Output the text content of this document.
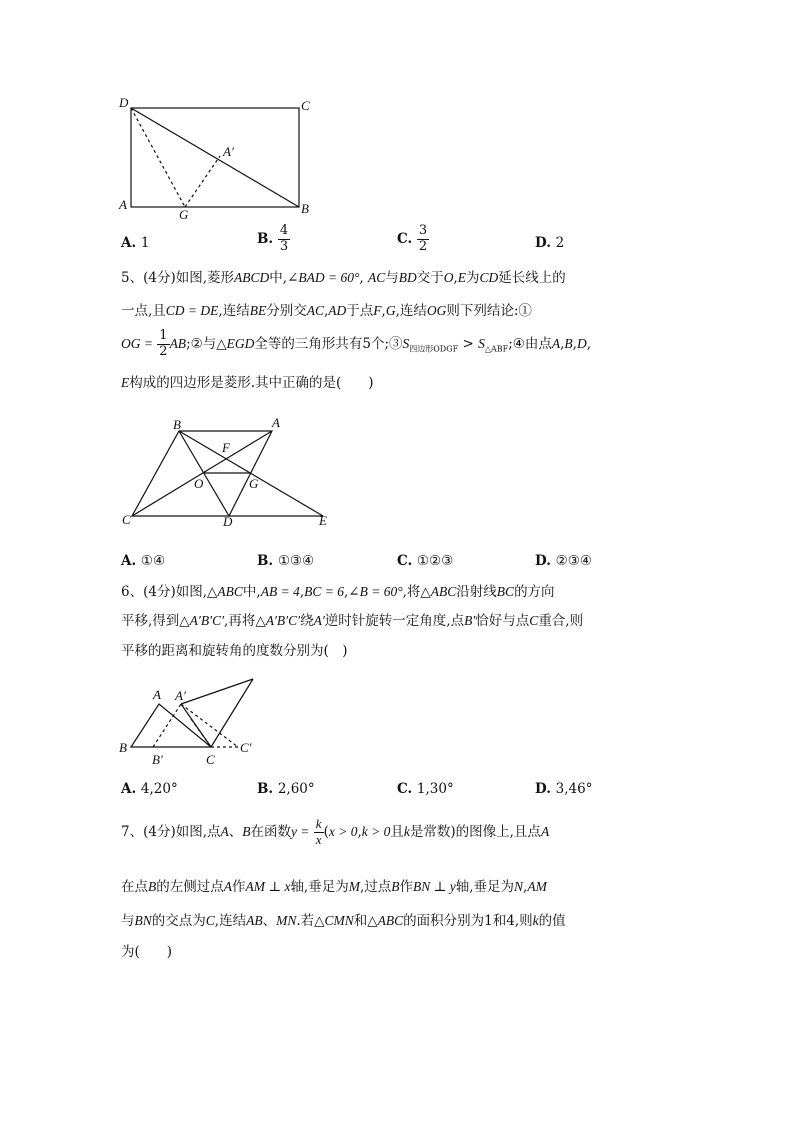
D	C
A
G	B
A′
A. 1	B. $\frac{4}{3}$	C. $\frac{3}{2}$	D. 2
5、(4分)如图,菱形ABCD中,∠BAD = 60°, AC与BD交于O,E为CD延长线上的
一点,且CD = DE,连结BE分别交AC,AD于点F,G,连结OG则下列结论:①
OG = $\frac{1}{2}$ AB;②与△EGD全等的三角形共有5个$;③S_{四边形ODGF}$ > $S_{\triangle ABF};④$由点A,B,D,
E构成的四边形是菱形.其中正确的是(　　)
B	A
F
O	G
C	D	E
A. ①④	B. ①③④	C. ①②③	D. ②③④
6、(4分)如图,△ABC中,AB = 4,BC = 6,∠B = 60°,将△ABC沿射线BC的方向
平移,得到△A′B′C′,再将△A′B′C′绕A′逆时针旋转一定角度,点B′恰好与点C重合,则
平移的距离和旋转角的度数分别为(　)
A A′
B
B′	C
C′
A. 4,20°	B. 2,60°	C. 1,30°	D. 3,46°
7、(4分)如图,点A、B在函数$y = \frac{k}{x} (x > 0,k > 0$且k是常数)的图像上,且点A
在点B的左侧过点A作AM ⊥ x轴,垂足为M,过点B作BN ⊥ y轴,垂足为N,AM
与BN的交点为C,连结AB、MN.若△CMN和△ABC的面积分别为1和4,则k的值
为(　　)
